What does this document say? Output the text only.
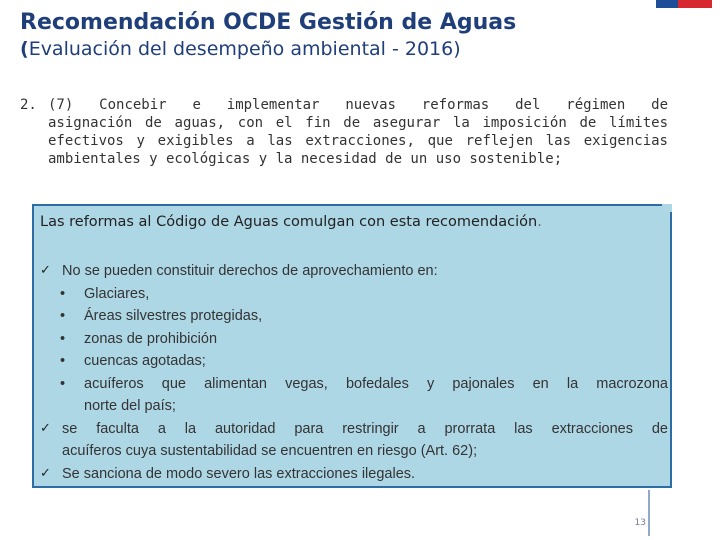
Recomendación OCDE Gestión de Aguas
(Evaluación del desempeño ambiental - 2016)
2. (7) Concebir e implementar nuevas reformas del régimen de
asignación de aguas, con el fin de asegurar la imposición de límites
efectivos y exigibles a las extracciones, que reflejen las exigencias
ambientales y ecológicas y la necesidad de un uso sostenible;
Las reformas al Código de Aguas comulgan con esta recomendación.
✓ No se pueden constituir derechos de aprovechamiento en:
• Glaciares,
• Áreas silvestres protegidas,
• zonas de prohibición
• cuencas agotadas;
• acuíferos que alimentan vegas, bofedales y pajonales en la macrozona
norte del país;
✓ se faculta a la autoridad para restringir a prorrata las extracciones de
acuíferos cuya sustentabilidad se encuentren en riesgo (Art. 62);
✓ Se sanciona de modo severo las extracciones ilegales.
13
